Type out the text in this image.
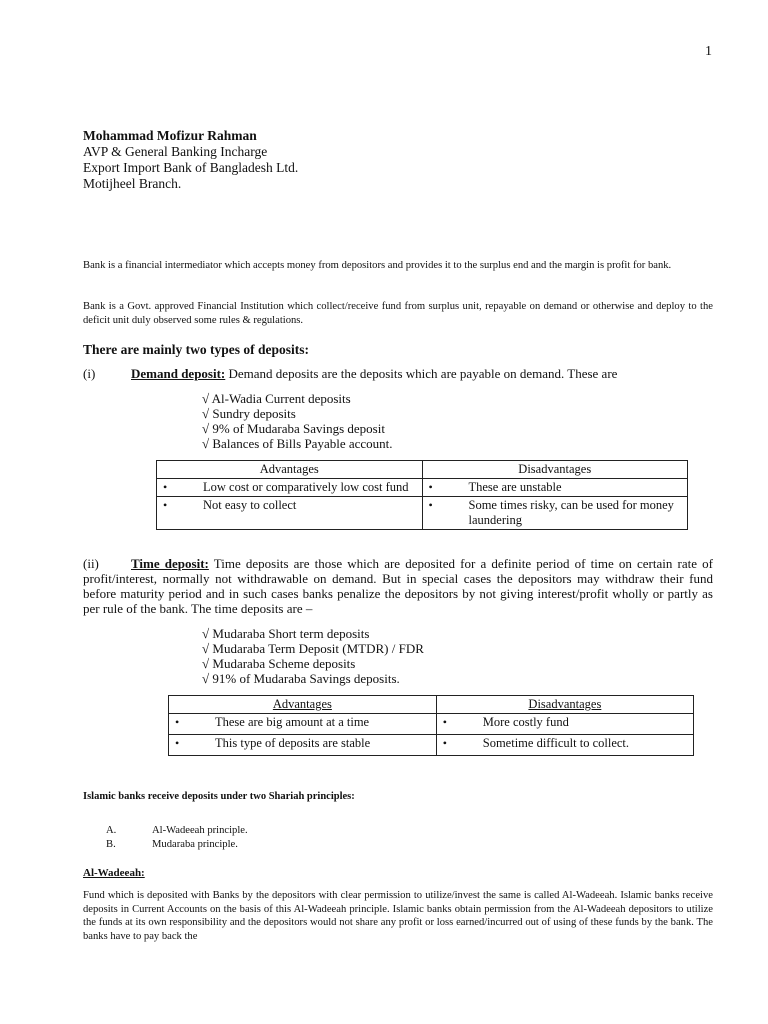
1
Mohammad Mofizur Rahman
AVP & General Banking Incharge
Export Import Bank of Bangladesh Ltd.
Motijheel Branch.
Bank is a financial intermediator which accepts money from depositors and provides it to the surplus end and the margin is profit for bank.
Bank is a Govt. approved Financial Institution which collect/receive fund from surplus unit, repayable on demand or otherwise and deploy to the deficit unit duly observed some rules & regulations.
There are mainly two types of deposits:
(i)	Demand deposit: Demand deposits are the deposits which are payable on demand. These are
√ Al-Wadia Current deposits
√ Sundry deposits
√ 9% of Mudaraba Savings deposit
√ Balances of Bills Payable account.
Advantages	Disadvantages

• Low cost or comparatively low cost fund	• These are unstable

• Not easy to collect	• Some times risky, can be used for money laundering
(ii) Time deposit: Time deposits are those which are deposited for a definite period of time on certain rate of profit/interest, normally not withdrawable on demand. But in special cases the depositors may withdraw their fund before maturity period and in such cases banks penalize the depositors by not giving interest/profit wholly or partly as per rule of the bank. The time deposits are –
√ Mudaraba Short term deposits
√ Mudaraba Term Deposit (MTDR) / FDR
√ Mudaraba Scheme deposits
√ 91% of Mudaraba Savings deposits.
Advantages	Disadvantages

• These are big amount at a time	• More costly fund

• This type of deposits are stable	• Sometime difficult to collect.
Islamic banks receive deposits under two Shariah principles:
A.	Al-Wadeeah principle.
B.	Mudaraba principle.
Al-Wadeeah:
Fund which is deposited with Banks by the depositors with clear permission to utilize/invest the same is called Al-Wadeeah. Islamic banks receive deposits in Current Accounts on the basis of this Al-Wadeeah principle. Islamic banks obtain permission from the Al-Wadeeah depositors to utilize the funds at its own responsibility and the depositors would not share any profit or loss earned/incurred out of using of these funds by the bank. The banks have to pay back the
